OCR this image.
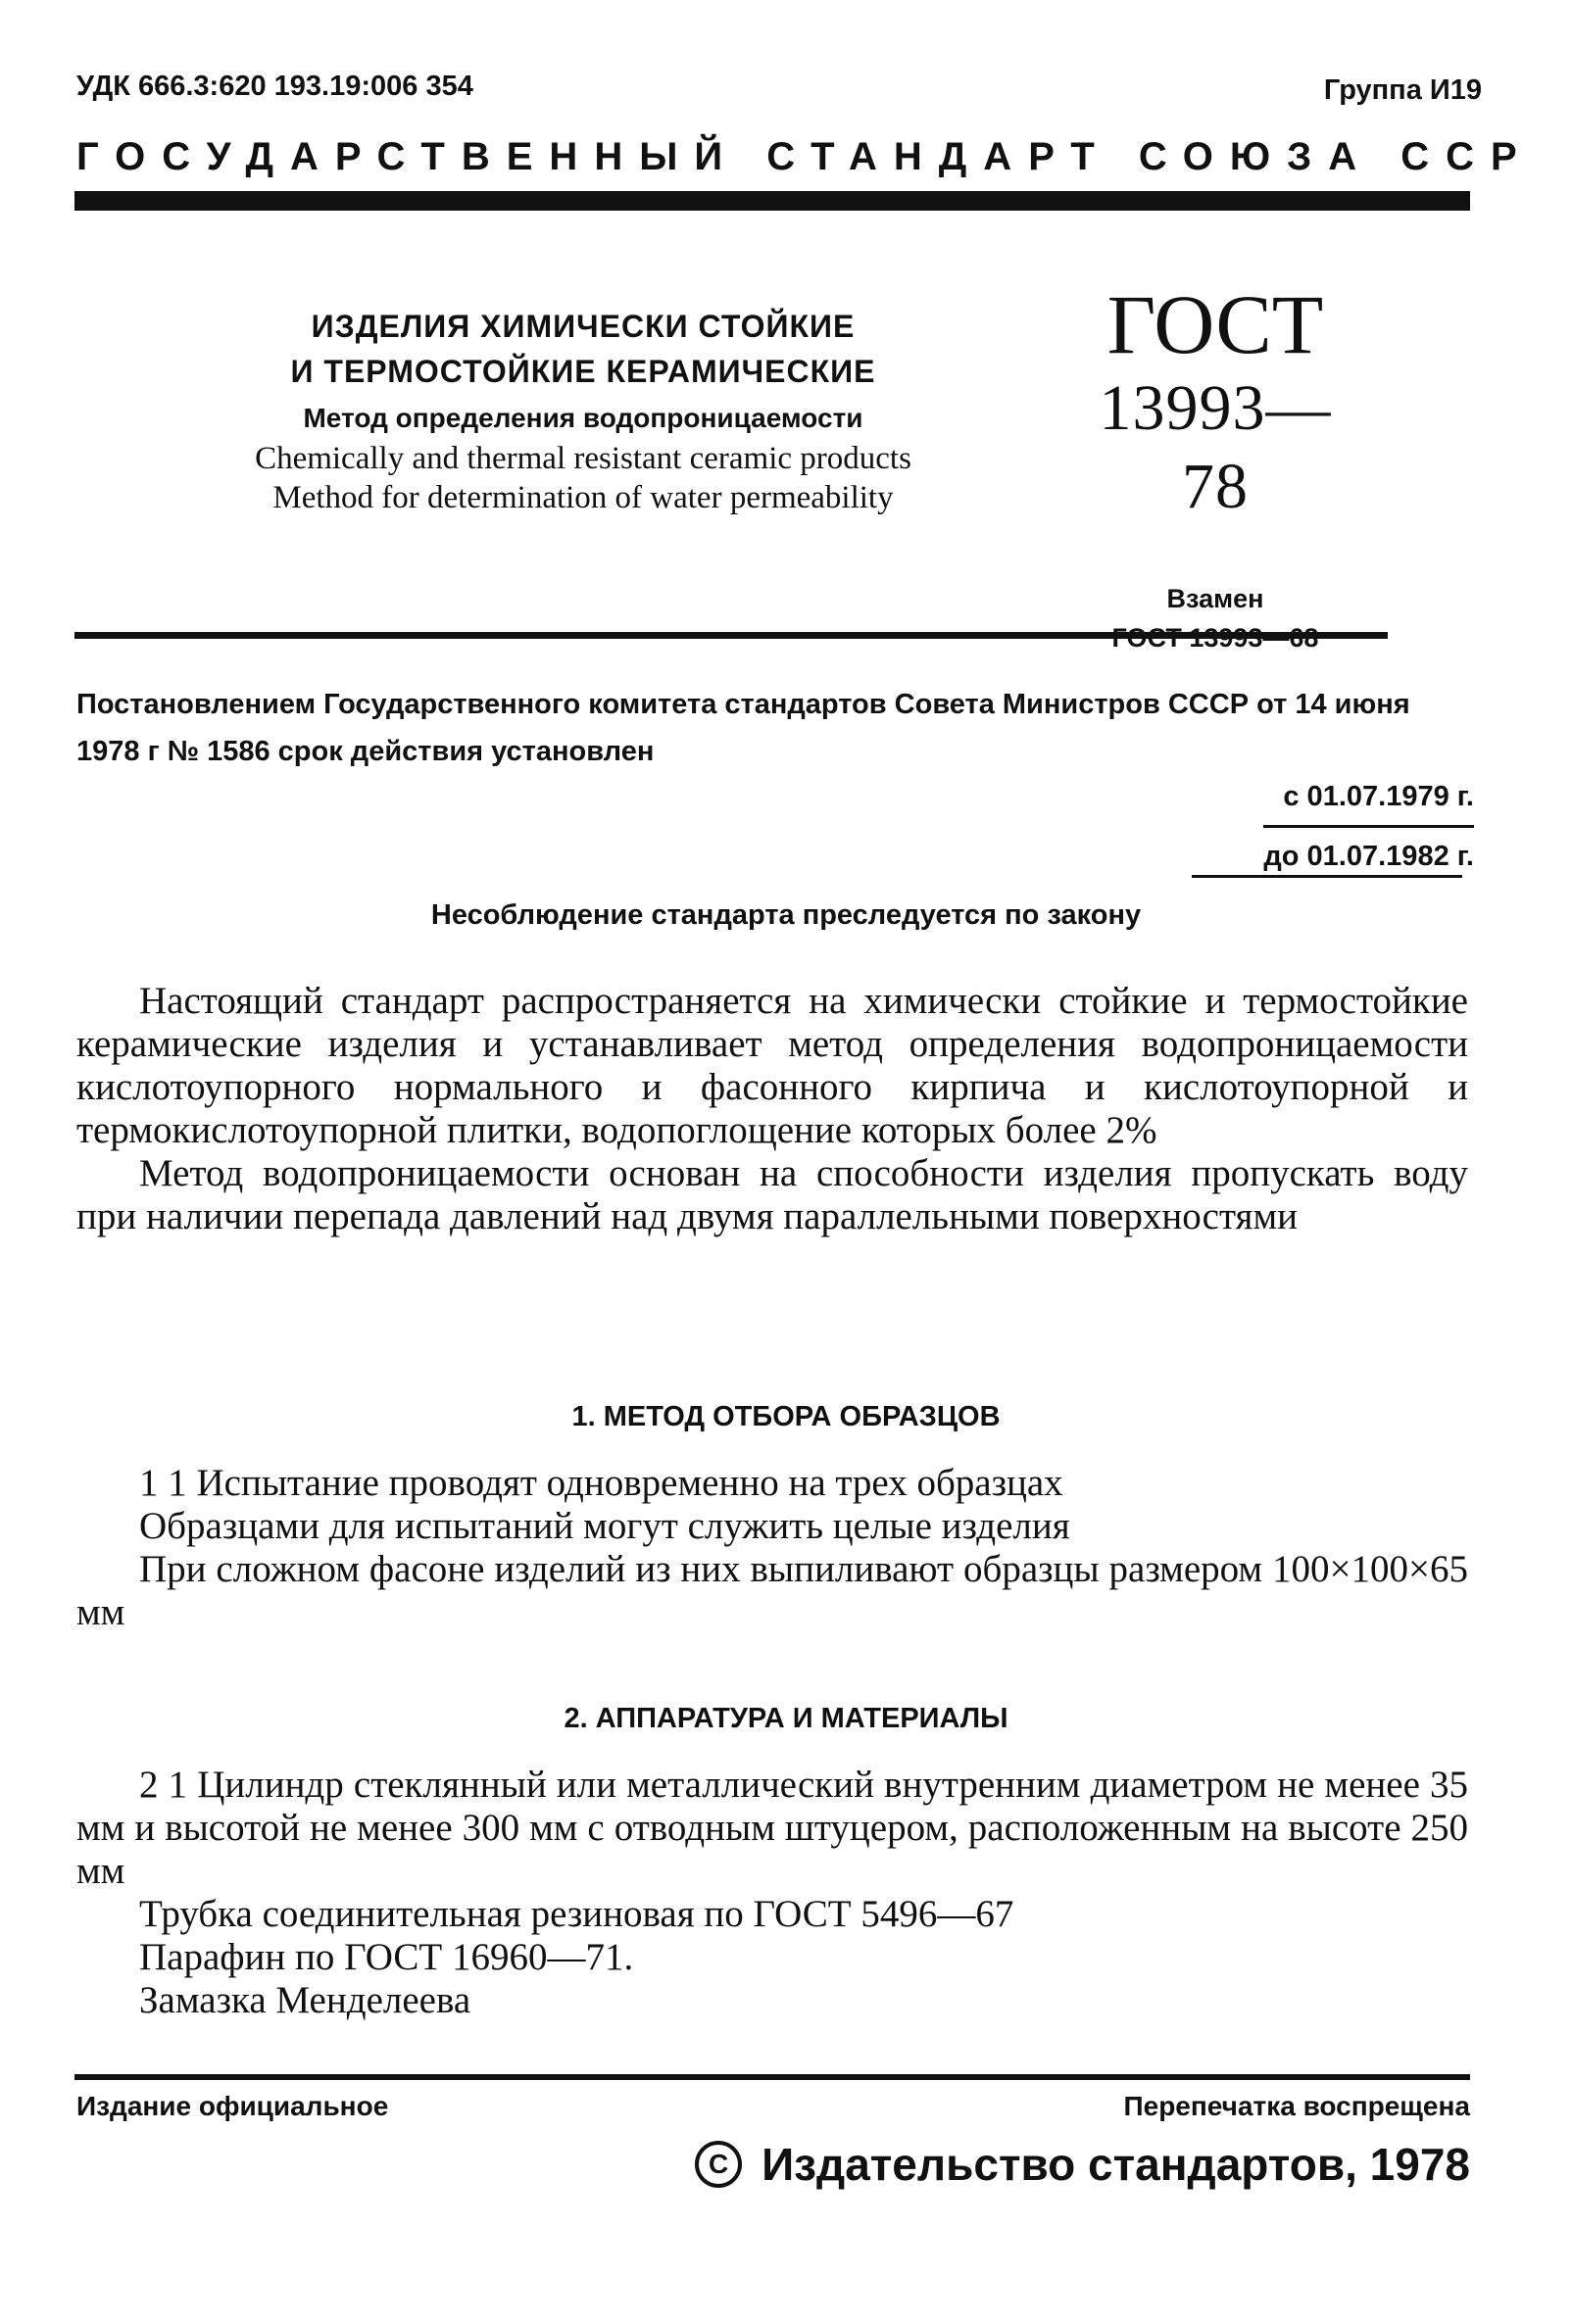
УДК 666.3:620 193.19:006 354	Группа И19
ГОСУДАРСТВЕННЫЙ СТАНДАРТ СОЮЗА ССР
ИЗДЕЛИЯ ХИМИЧЕСКИ СТОЙКИЕ
И ТЕРМОСТОЙКИЕ КЕРАМИЧЕСКИЕ
Метод определения водопроницаемости
Chemically and thermal resistant ceramic products
Method for determination of water permeability
ГОСТ
13993—78
Взамен
Постановлением Государственного комитета стандартов Совета Министров СССР от 14 июня 1978 г № 1586 срок действия установлен
с 01.07.1979 г.
до 01.07.1982 г.
Несоблюдение стандарта преследуется по закону

Настоящий стандарт распространяется на химически стойкие и термостойкие керамические изделия и устанавливает метод определения водопроницаемости кислотоупорного нормального и фасонного кирпича и кислотоупорной и термокислотоупорной плитки, водопоглощение которых более 2%

Метод водопроницаемости основан на способности изделия пропускать воду при наличии перепада давлений над двумя параллельными поверхностями

1. МЕТОД ОТБОРА ОБРАЗЦОВ

1 1 Испытание проводят одновременно на трех образцах

Образцами для испытаний могут служить целые изделия

При сложном фасоне изделий из них выпиливают образцы размером 100×100×65 мм

2. АППАРАТУРА И МАТЕРИАЛЫ

2 1 Цилиндр стеклянный или металлический внутренним диаметром не менее 35 мм и высотой не менее 300 мм с отводным штуцером, расположенным на высоте 250 мм

Трубка соединительная резиновая по ГОСТ 5496—67

Парафин по ГОСТ 16960—71.

Замазка Менделеева

Издание официальное	Перепечатка воспрещена
C Издательство стандартов, 1978
